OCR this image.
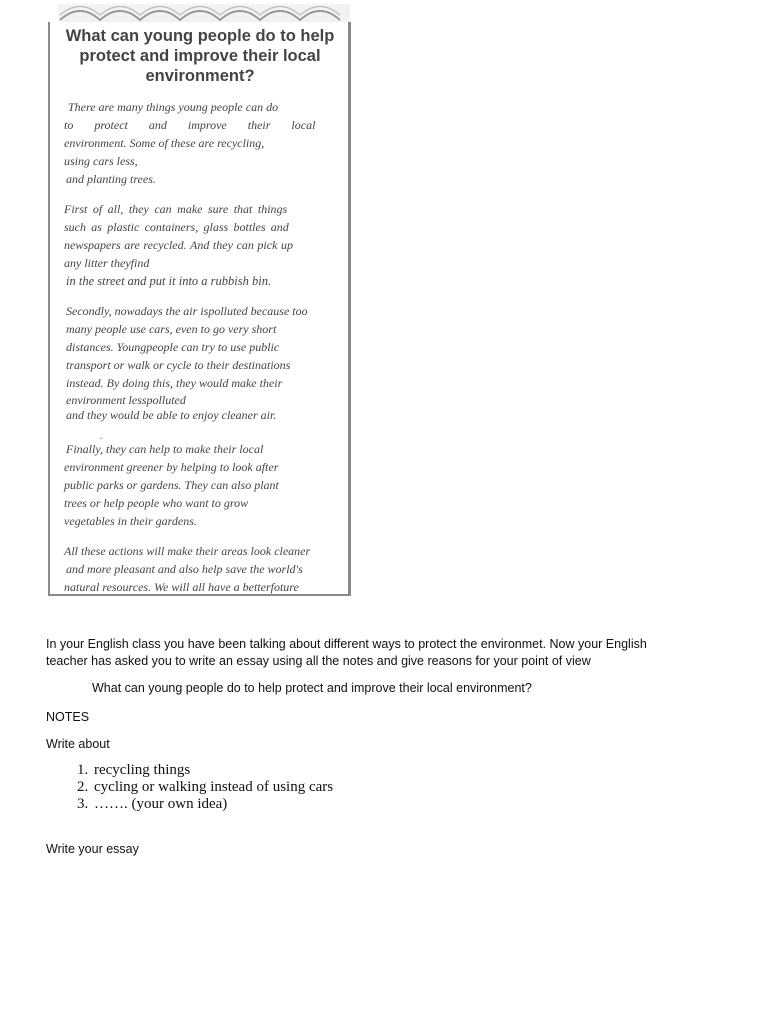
What can young people do to help protect and improve their local environment?
There are many things young people can do
to protect and improve their local
environment. Some of these are recycling,
using cars less,
and planting trees.
First of all, they can make sure that things
such as plastic containers, glass bottles and
newspapers are recycled. And they can pick up
any litter theyfind
in the street and put it into a rubbish bin.
Secondly, nowadays the air ispolluted because too
many people use cars, even to go very short
distances. Youngpeople can try to use public
transport or walk or cycle to their destinations
instead. By doing this, they would make their
environment lesspolluted
and they would be able to enjoy cleaner air.
.
Finally, they can help to make their local
environment greener by helping to look after
public parks or gardens. They can also plant
trees or help people who want to grow
vegetables in their gardens.
All these actions will make their areas look cleaner
and more pleasant and also help save the world's
natural resources. We will all have a betterfoture
In your English class you have been talking about different ways to protect the environmet. Now your English teacher has asked you to write an essay using all the notes and give reasons for your point of view
What can young people do to help protect and improve their local environment?
NOTES
Write about
1. recycling things
2. cycling or walking instead of using cars
3. ……. (your own idea)
Write your essay
